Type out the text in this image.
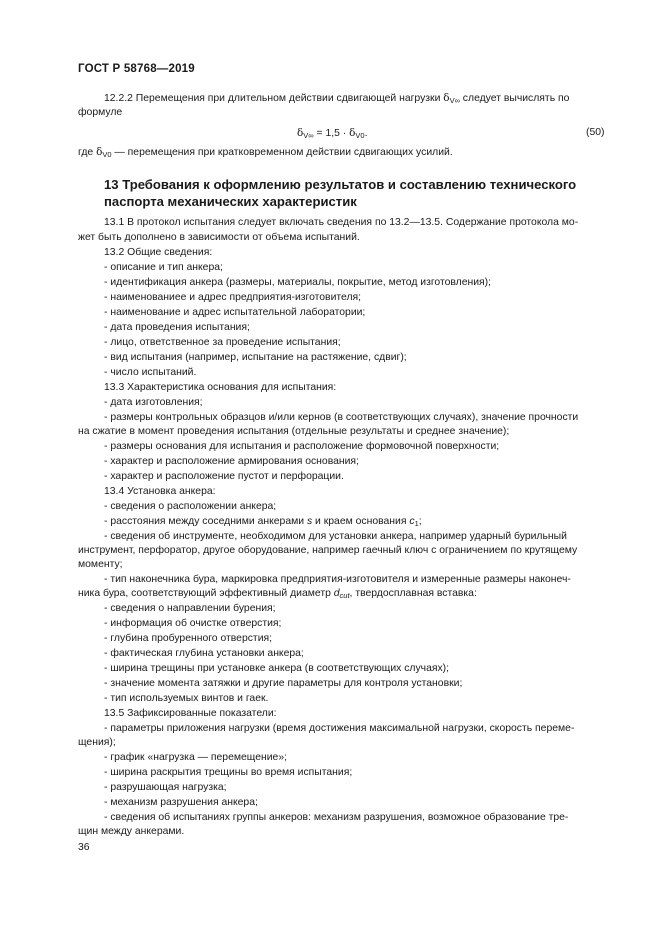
ГОСТ Р 58768—2019

12.2.2 Перемещения при длительном действии сдвигающей нагрузки $\delta_{V\infty}$ следует вычислять по

формуле

$\delta_{V\infty} = 1,5 \cdot \delta_{V0}$.	(50)

где $\delta_{V0}$ — перемещения при кратковременном действии сдвигающих усилий.

13 Требования к оформлению результатов и составлению технического паспорта механических характеристик

13.1 В протокол испытания следует включать сведения по 13.2—13.5. Содержание протокола мо-

жет быть дополнено в зависимости от объема испытаний.

13.2 Общие сведения:

- описание и тип анкера;

- идентификация анкера (размеры, материалы, покрытие, метод изготовления);

- наименованиее и адрес предприятия-изготовителя;

- наименование и адрес испытательной лаборатории;

- дата проведения испытания;

- лицо, ответственное за проведение испытания;

- вид испытания (например, испытание на растяжение, сдвиг);

- число испытаний.

13.3 Характеристика основания для испытания:

- дата изготовления;

- размеры контрольных образцов и/или кернов (в соответствующих случаях), значение прочности

на сжатие в момент проведения испытания (отдельные результаты и среднее значение);

- размеры основания для испытания и расположение формовочной поверхности;

- характер и расположение армирования основания;

- характер и расположение пустот и перфорации.

13.4 Установка анкера:

- сведения о расположении анкера;

- расстояния между соседними анкерами s и краем основания $c_1$;

- сведения об инструменте, необходимом для установки анкера, например ударный бурильный

инструмент, перфоратор, другое оборудование, например гаечный ключ с ограничением по крутящему

моменту;

- тип наконечника бура, маркировка предприятия-изготовителя и измеренные размеры наконеч-

ника бура, соответствующий эффективный диаметр $d_{cut}$, твердосплавная вставка:

- сведения о направлении бурения;

- информация об очистке отверстия;

- глубина пробуренного отверстия;

- фактическая глубина установки анкера;

- ширина трещины при установке анкера (в соответствующих случаях);

- значение момента затяжки и другие параметры для контроля установки;

- тип используемых винтов и гаек.

13.5 Зафиксированные показатели:

- параметры приложения нагрузки (время достижения максимальной нагрузки, скорость переме-

щения);

- график «нагрузка — перемещение»;

- ширина раскрытия трещины во время испытания;

- разрушающая нагрузка;

- механизм разрушения анкера;

- сведения об испытаниях группы анкеров: механизм разрушения, возможное образование тре-

щин между анкерами.

36
